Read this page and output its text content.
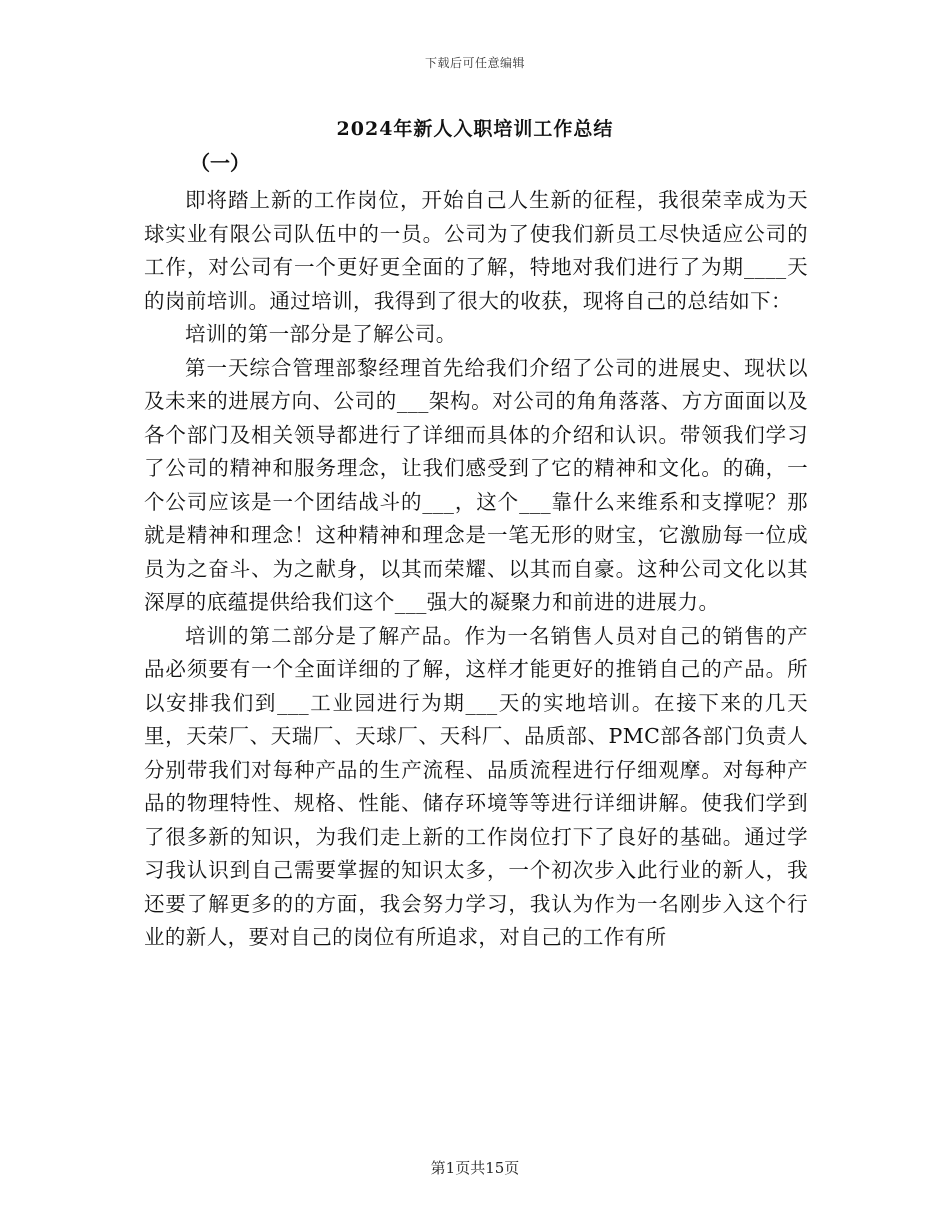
下载后可任意编辑
2024年新人入职培训工作总结
（一）

即将踏上新的工作岗位，开始自己人生新的征程，我很荣幸成为天球实业有限公司队伍中的一员。公司为了使我们新员工尽快适应公司的工作，对公司有一个更好更全面的了解，特地对我们进行了为期____天的岗前培训。通过培训，我得到了很大的收获，现将自己的总结如下：

培训的第一部分是了解公司。

第一天综合管理部黎经理首先给我们介绍了公司的进展史、现状以及未来的进展方向、公司的___架构。对公司的角角落落、方方面面以及各个部门及相关领导都进行了详细而具体的介绍和认识。带领我们学习了公司的精神和服务理念，让我们感受到了它的精神和文化。的确，一个公司应该是一个团结战斗的___，这个___靠什么来维系和支撑呢？那就是精神和理念！这种精神和理念是一笔无形的财宝，它激励每一位成员为之奋斗、为之献身，以其而荣耀、以其而自豪。这种公司文化以其深厚的底蕴提供给我们这个___强大的凝聚力和前进的进展力。

培训的第二部分是了解产品。作为一名销售人员对自己的销售的产品必须要有一个全面详细的了解，这样才能更好的推销自己的产品。所以安排我们到___工业园进行为期___天的实地培训。在接下来的几天里，天荣厂、天瑞厂、天球厂、天科厂、品质部、PMC部各部门负责人分别带我们对每种产品的生产流程、品质流程进行仔细观摩。对每种产品的物理特性、规格、性能、储存环境等等进行详细讲解。使我们学到了很多新的知识，为我们走上新的工作岗位打下了良好的基础。通过学习我认识到自己需要掌握的知识太多，一个初次步入此行业的新人，我还要了解更多的的方面，我会努力学习，我认为作为一名刚步入这个行业的新人，要对自己的岗位有所追求，对自己的工作有所

第1页共15页
